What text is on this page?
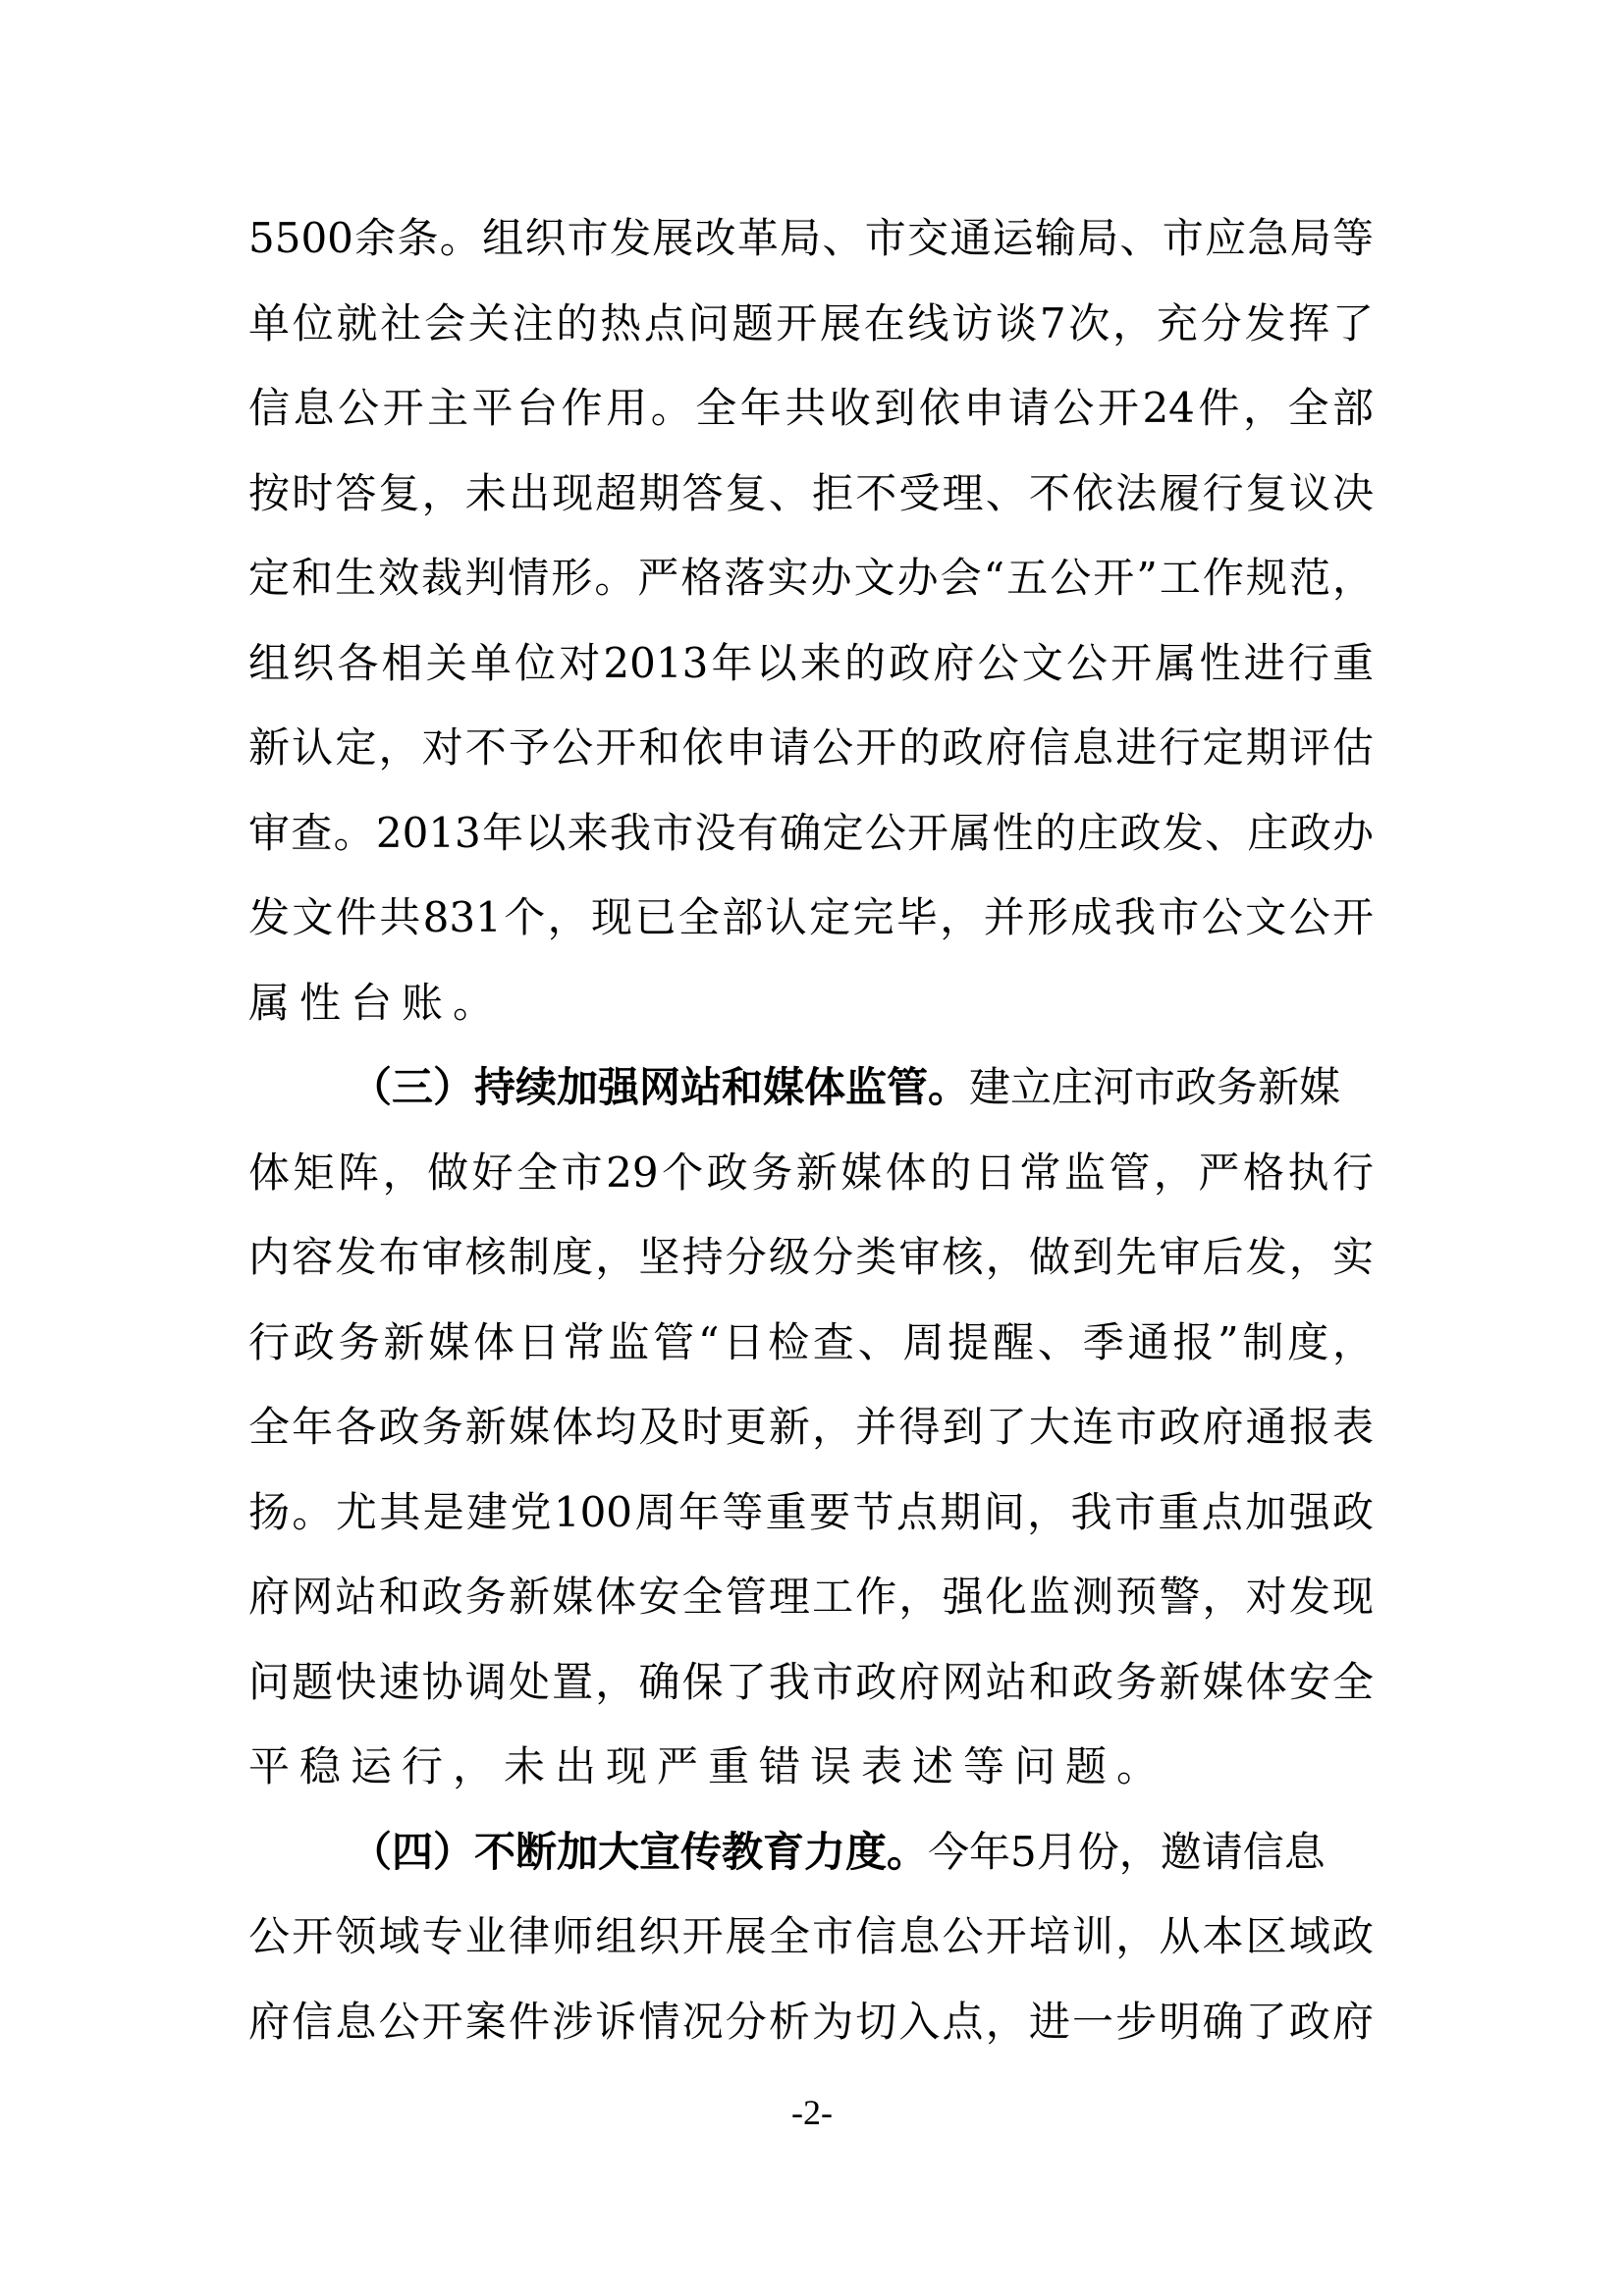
5500余条。组织市发展改革局、市交通运输局、市应急局等
单位就社会关注的热点问题开展在线访谈7次，充分发挥了
信息公开主平台作用。全年共收到依申请公开24件，全部
按时答复，未出现超期答复、拒不受理、不依法履行复议决
定和生效裁判情形。严格落实办文办会“五公开”工作规范，
组织各相关单位对2013年以来的政府公文公开属性进行重
新认定，对不予公开和依申请公开的政府信息进行定期评估
审查。2013年以来我市没有确定公开属性的庄政发、庄政办
发文件共831个，现已全部认定完毕，并形成我市公文公开
属性台账。
（三）持续加强网站和媒体监管。建立庄河市政务新媒
体矩阵，做好全市29个政务新媒体的日常监管，严格执行
内容发布审核制度，坚持分级分类审核，做到先审后发，实
行政务新媒体日常监管“日检查、周提醒、季通报”制度，
全年各政务新媒体均及时更新，并得到了大连市政府通报表
扬。尤其是建党100周年等重要节点期间，我市重点加强政
府网站和政务新媒体安全管理工作，强化监测预警，对发现
问题快速协调处置，确保了我市政府网站和政务新媒体安全
平稳运行，未出现严重错误表述等问题。
（四）不断加大宣传教育力度。今年5月份，邀请信息
公开领域专业律师组织开展全市信息公开培训，从本区域政
府信息公开案件涉诉情况分析为切入点，进一步明确了政府
-2-
